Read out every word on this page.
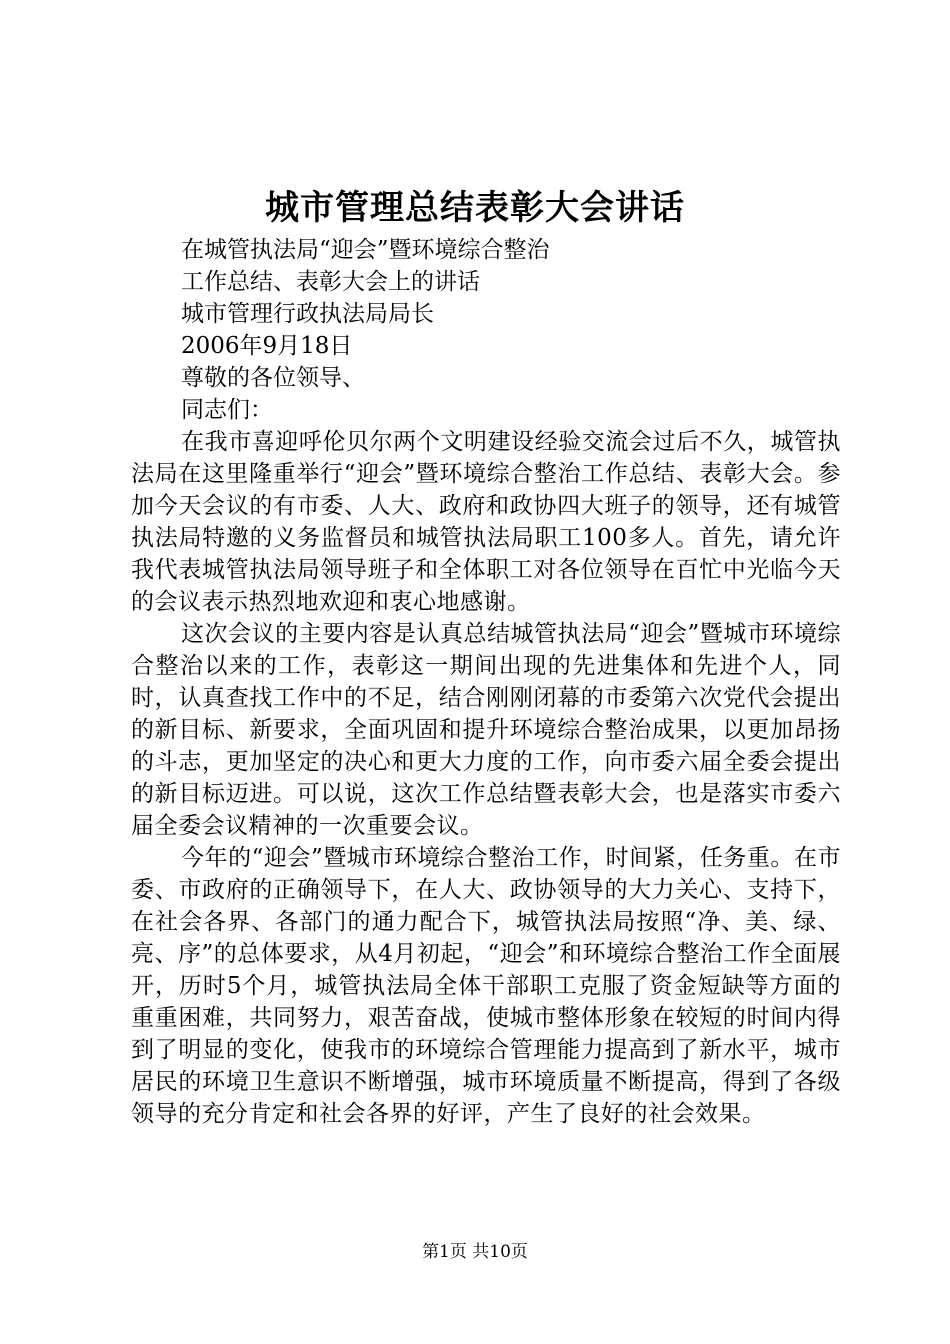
城市管理总结表彰大会讲话

在城管执法局“迎会”暨环境综合整治

工作总结、表彰大会上的讲话

城市管理行政执法局局长

2006年9月18日

尊敬的各位领导、

同志们：

在我市喜迎呼伦贝尔两个文明建设经验交流会过后不久，城管执法局在这里隆重举行“迎会”暨环境综合整治工作总结、表彰大会。参加今天会议的有市委、人大、政府和政协四大班子的领导，还有城管执法局特邀的义务监督员和城管执法局职工100多人。首先，请允许我代表城管执法局领导班子和全体职工对各位领导在百忙中光临今天的会议表示热烈地欢迎和衷心地感谢。

这次会议的主要内容是认真总结城管执法局“迎会”暨城市环境综合整治以来的工作，表彰这一期间出现的先进集体和先进个人，同时，认真查找工作中的不足，结合刚刚闭幕的市委第六次党代会提出的新目标、新要求，全面巩固和提升环境综合整治成果，以更加昂扬的斗志，更加坚定的决心和更大力度的工作，向市委六届全委会提出的新目标迈进。可以说，这次工作总结暨表彰大会，也是落实市委六届全委会议精神的一次重要会议。

今年的“迎会”暨城市环境综合整治工作，时间紧，任务重。在市委、市政府的正确领导下，在人大、政协领导的大力关心、支持下，在社会各界、各部门的通力配合下，城管执法局按照“净、美、绿、亮、序”的总体要求，从4月初起，“迎会”和环境综合整治工作全面展开，历时5个月，城管执法局全体干部职工克服了资金短缺等方面的重重困难，共同努力，艰苦奋战，使城市整体形象在较短的时间内得到了明显的变化，使我市的环境综合管理能力提高到了新水平，城市居民的环境卫生意识不断增强，城市环境质量不断提高，得到了各级领导的充分肯定和社会各界的好评，产生了良好的社会效果。

第1页 共10页
